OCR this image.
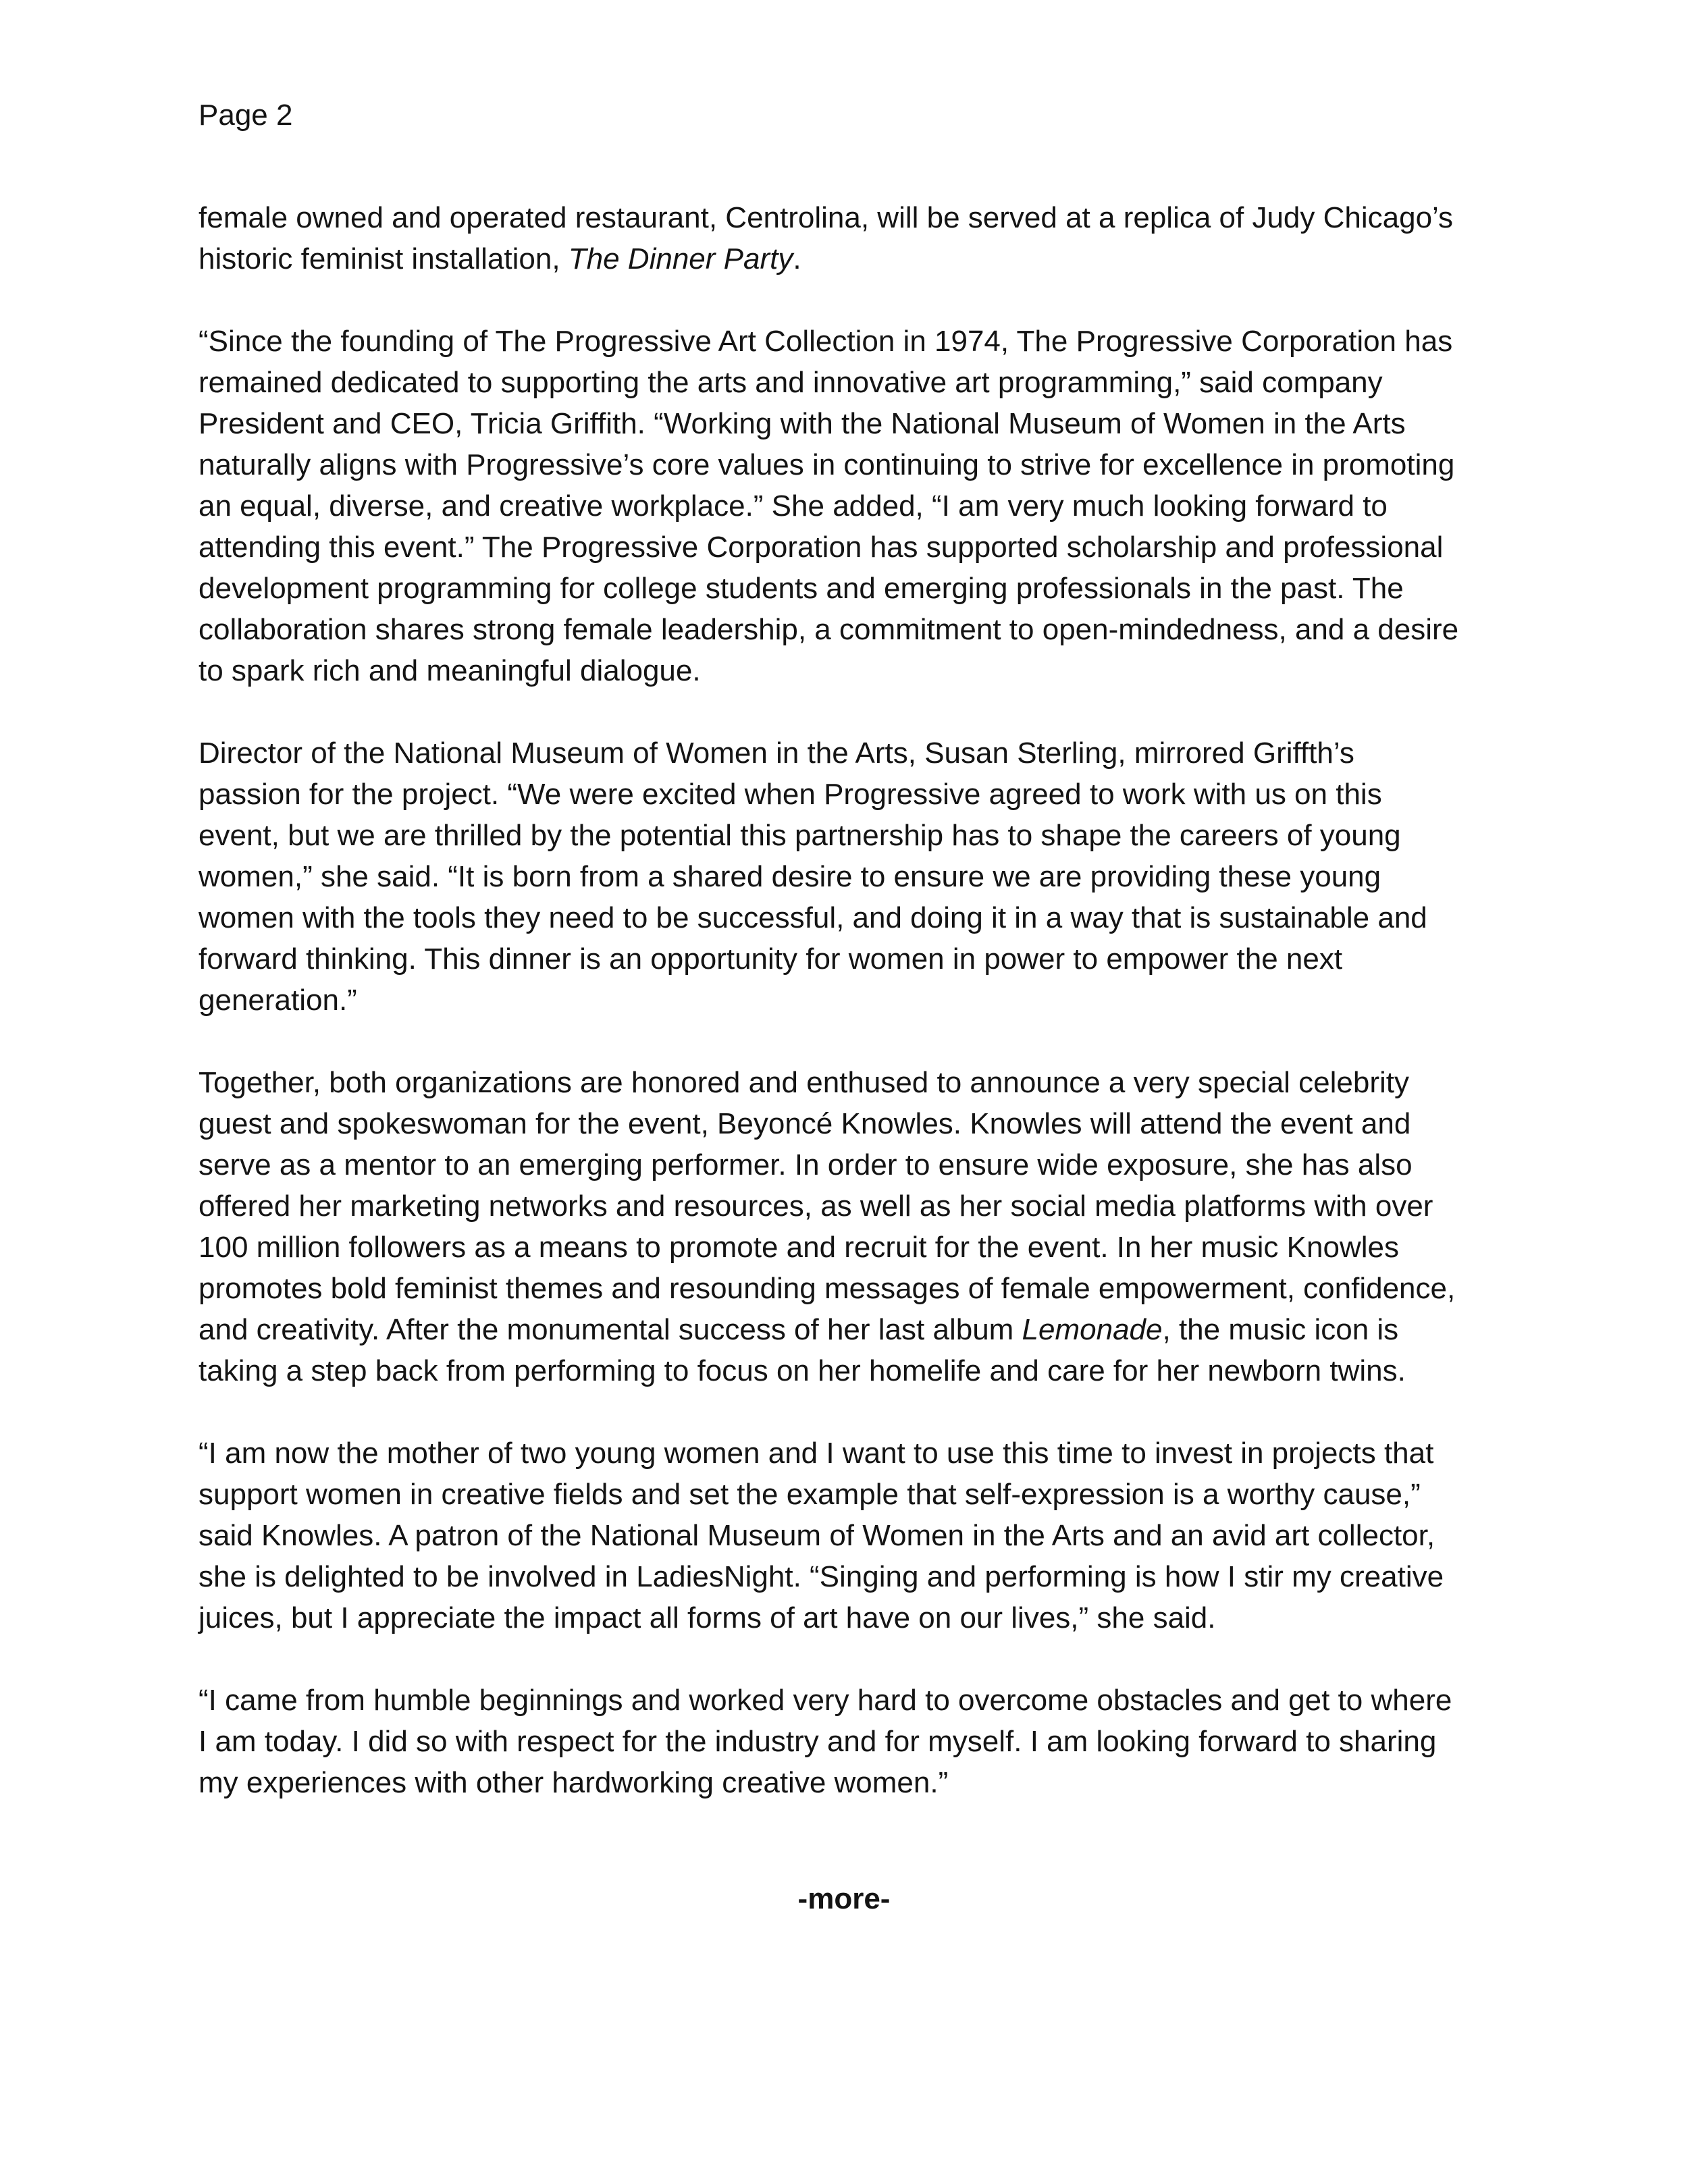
Page 2

female owned and operated restaurant, Centrolina, will be served at a replica of Judy Chicago’s
historic feminist installation, The Dinner Party.

“Since the founding of The Progressive Art Collection in 1974, The Progressive Corporation has
remained dedicated to supporting the arts and innovative art programming,” said company
President and CEO, Tricia Griffith. “Working with the National Museum of Women in the Arts
naturally aligns with Progressive’s core values in continuing to strive for excellence in promoting
an equal, diverse, and creative workplace.” She added, “I am very much looking forward to
attending this event.” The Progressive Corporation has supported scholarship and professional
development programming for college students and emerging professionals in the past. The
collaboration shares strong female leadership, a commitment to open-mindedness, and a desire
to spark rich and meaningful dialogue.

Director of the National Museum of Women in the Arts, Susan Sterling, mirrored Griffth’s
passion for the project. “We were excited when Progressive agreed to work with us on this
event, but we are thrilled by the potential this partnership has to shape the careers of young
women,” she said. “It is born from a shared desire to ensure we are providing these young
women with the tools they need to be successful, and doing it in a way that is sustainable and
forward thinking. This dinner is an opportunity for women in power to empower the next
generation.”

Together, both organizations are honored and enthused to announce a very special celebrity
guest and spokeswoman for the event, Beyoncé Knowles. Knowles will attend the event and
serve as a mentor to an emerging performer. In order to ensure wide exposure, she has also
offered her marketing networks and resources, as well as her social media platforms with over
100 million followers as a means to promote and recruit for the event. In her music Knowles
promotes bold feminist themes and resounding messages of female empowerment, confidence,
and creativity. After the monumental success of her last album Lemonade, the music icon is
taking a step back from performing to focus on her homelife and care for her newborn twins.

“I am now the mother of two young women and I want to use this time to invest in projects that
support women in creative fields and set the example that self-expression is a worthy cause,”
said Knowles. A patron of the National Museum of Women in the Arts and an avid art collector,
she is delighted to be involved in LadiesNight. “Singing and performing is how I stir my creative
juices, but I appreciate the impact all forms of art have on our lives,” she said.

“I came from humble beginnings and worked very hard to overcome obstacles and get to where
I am today. I did so with respect for the industry and for myself. I am looking forward to sharing
my experiences with other hardworking creative women.”

-more-
